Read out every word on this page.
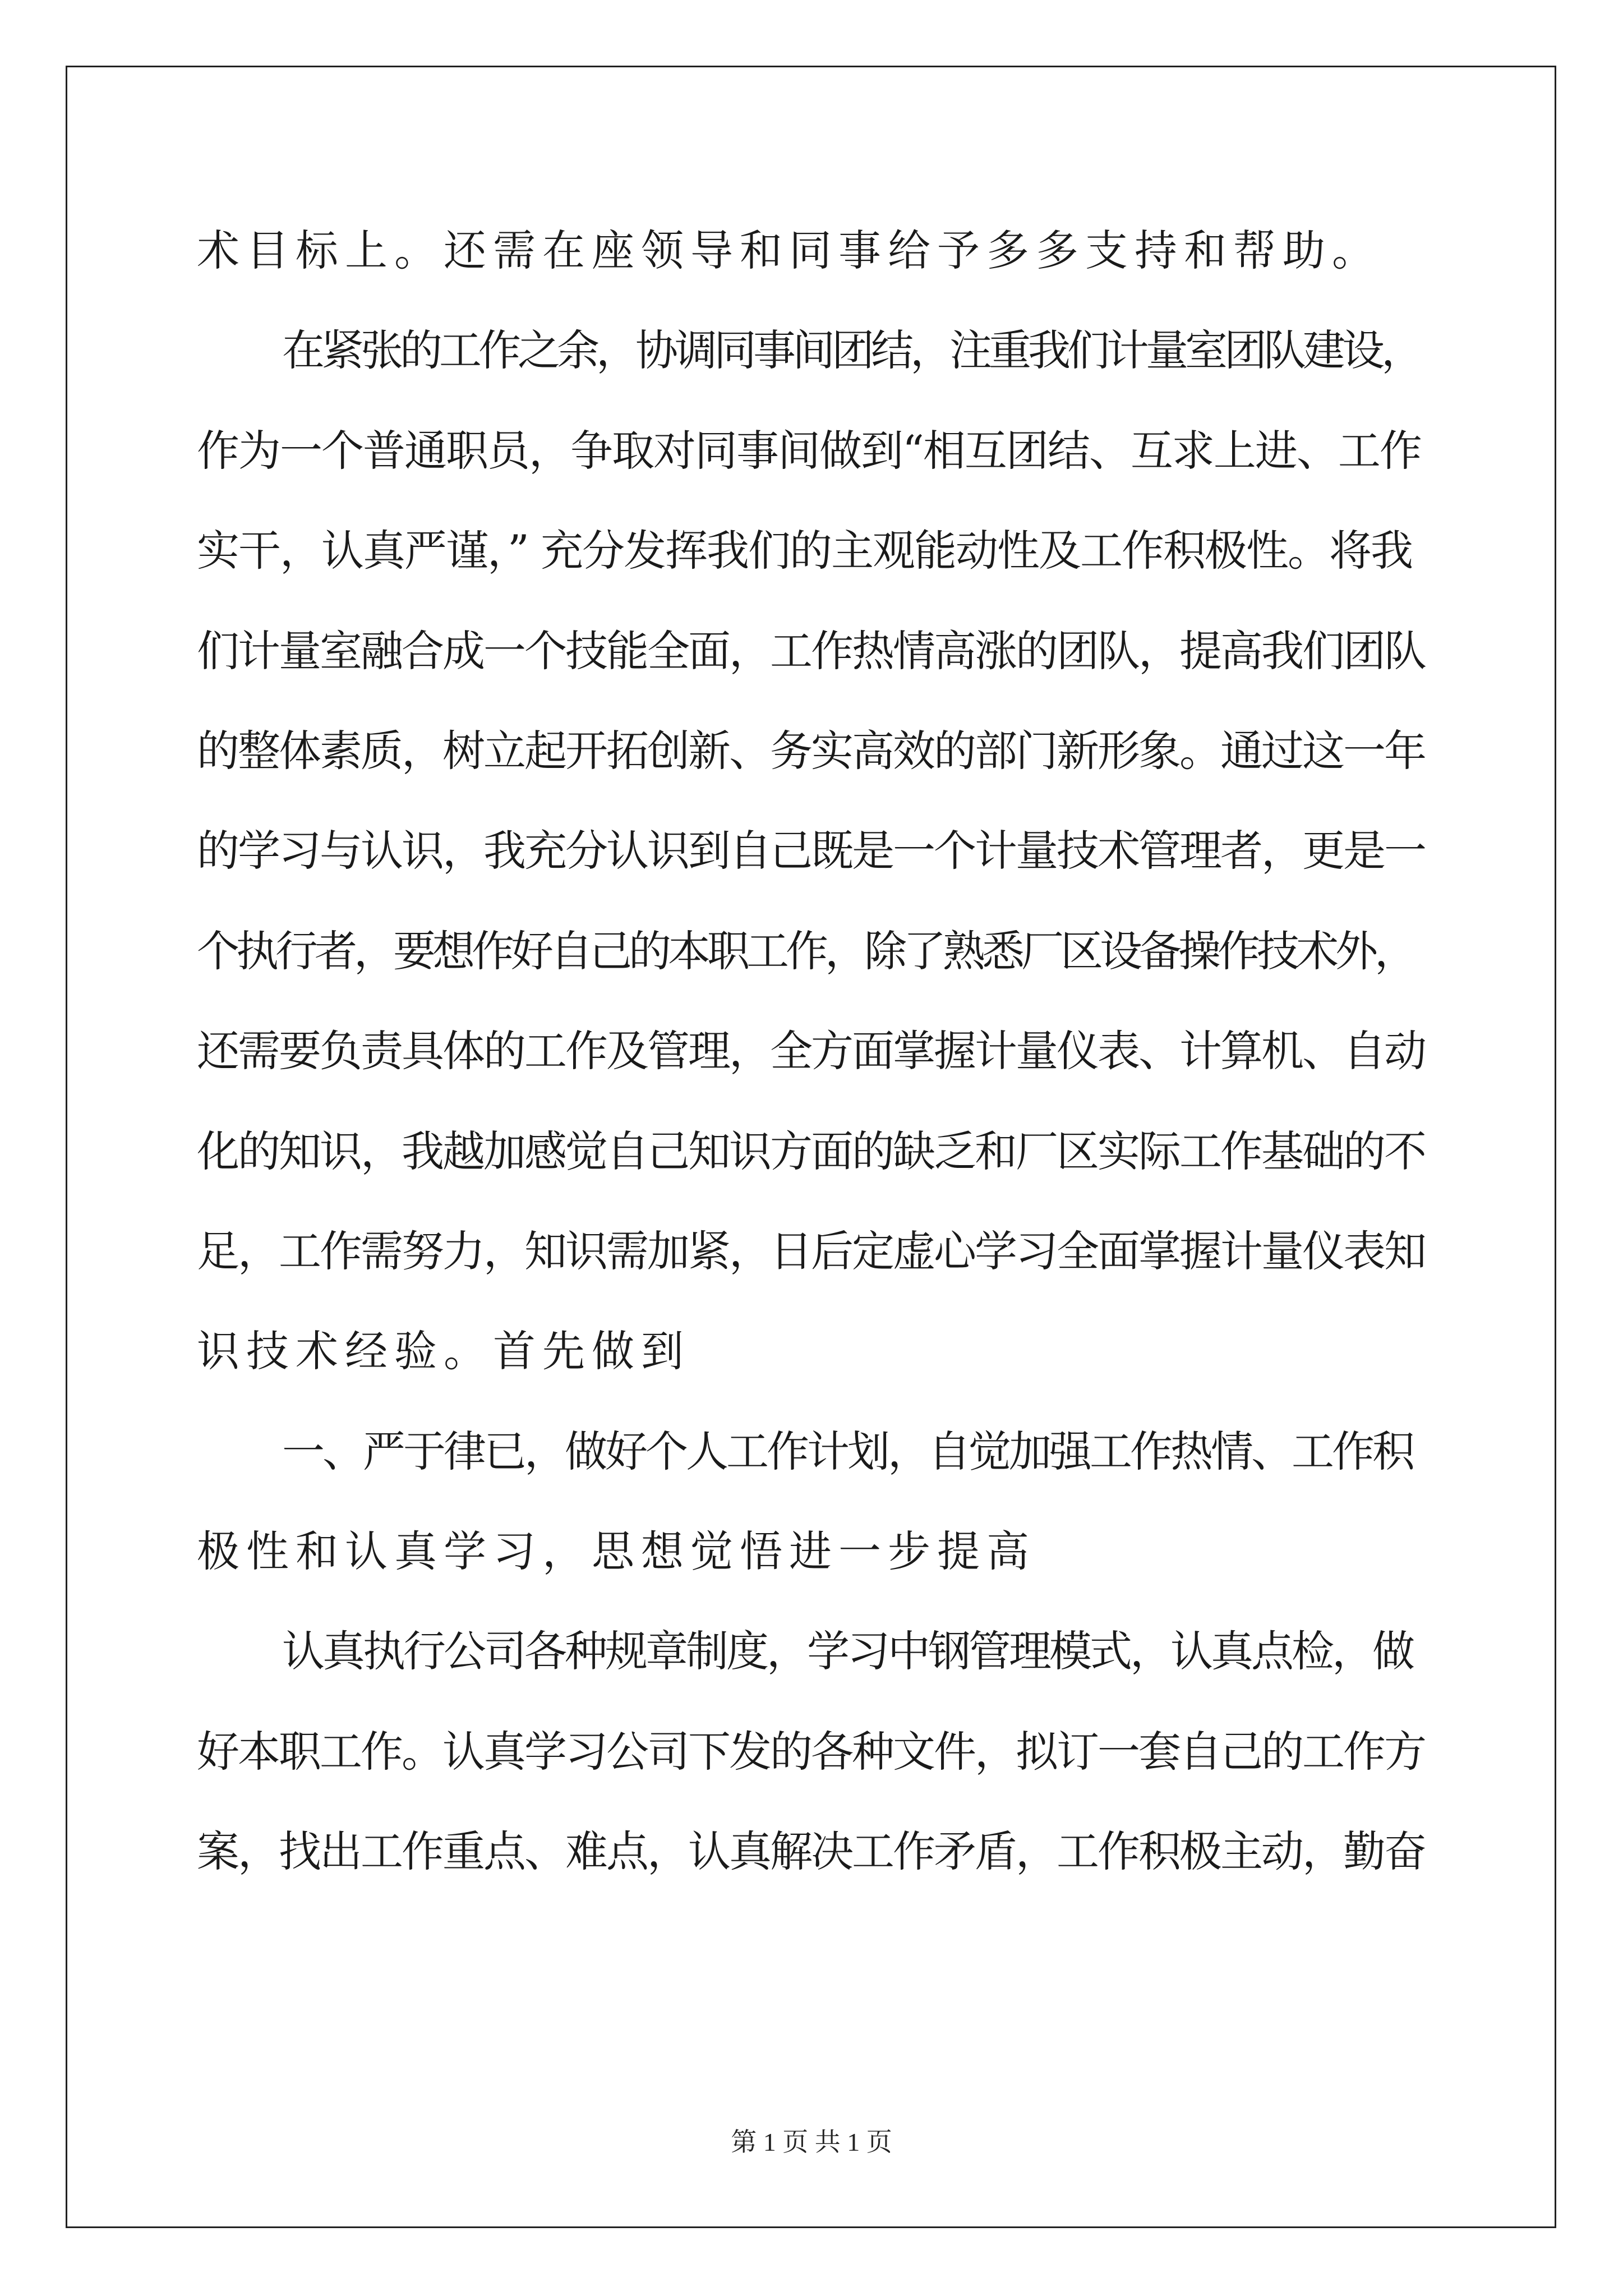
术目标上。还需在座领导和同事给予多多支持和帮助。
在紧张的工作之余，协调同事间团结，注重我们计量室团队建设，
作为一个普通职员，争取对同事间做到“相互团结、互求上进、工作
实干，认真严谨，” 充分发挥我们的主观能动性及工作积极性。将我
们计量室融合成一个技能全面，工作热情高涨的团队，提高我们团队
的整体素质，树立起开拓创新、务实高效的部门新形象。通过这一年
的学习与认识，我充分认识到自己既是一个计量技术管理者，更是一
个执行者，要想作好自己的本职工作，除了熟悉厂区设备操作技术外，
还需要负责具体的工作及管理，全方面掌握计量仪表、计算机、自动
化的知识，我越加感觉自己知识方面的缺乏和厂区实际工作基础的不
足，工作需努力，知识需加紧，日后定虚心学习全面掌握计量仪表知
识技术经验。首先做到
一、严于律已，做好个人工作计划，自觉加强工作热情、工作积
极性和认真学习，思想觉悟进一步提高
认真执行公司各种规章制度，学习中钢管理模式，认真点检，做
好本职工作。认真学习公司下发的各种文件，拟订一套自己的工作方
案，找出工作重点、难点，认真解决工作矛盾，工作积极主动，勤奋
第 1 页 共 1 页
